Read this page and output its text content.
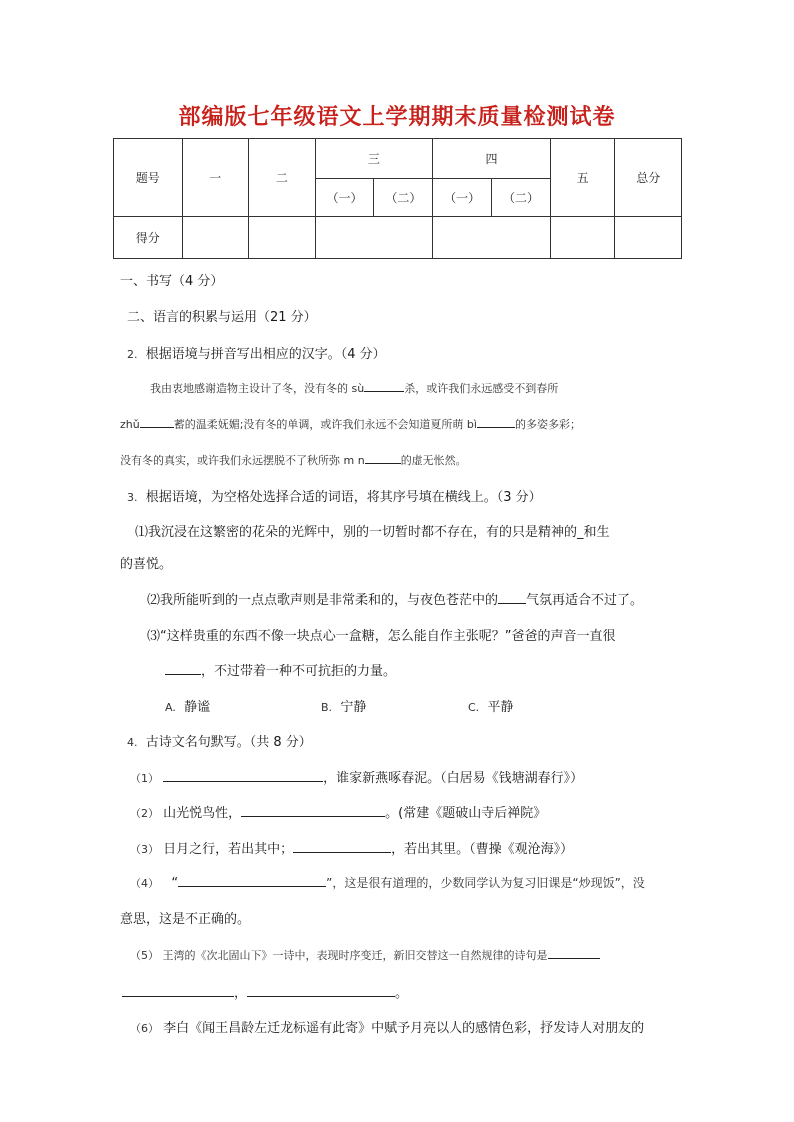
部编版七年级语文上学期期末质量检测试卷
题号	一	二	三		四		五	总分
			（一）	（二）	（一）	（二）		
得分								
一、书写（4 分）
二、语言的积累与运用（21 分）
2. 根据语境与拼音写出相应的汉字。（4 分）
我由衷地感谢造物主设计了冬，没有冬的 sù	杀，或许我们永远感受不到春所
zhǔ	蓄的温柔妩媚;没有冬的单调，或许我们永远不会知道夏所萌 bì	的多姿多彩；
没有冬的真实，或许我们永远摆脱不了秋所弥 m n	的虚无怅然。
3. 根据语境，为空格处选择合适的词语，将其序号填在横线上。（3 分）
⑴我沉浸在这繁密的花朵的光辉中，别的一切暂时都不存在，有的只是精神的_和生
的喜悦。
⑵我所能听到的一点点歌声则是非常柔和的，与夜色苍茫中的 气氛再适合不过了。
⑶“这样贵重的东西不像一块点心一盒糖，怎么能自作主张呢？”爸爸的声音一直很
，不过带着一种不可抗拒的力量。
A. 静谧	B. 宁静	C. 平静
4. 古诗文名句默写。（共 8 分）
（1）	，谁家新燕啄春泥。（白居易《钱塘湖春行》）
（2） 山光悦鸟性，	。(常建《题破山寺后禅院》
（3） 日月之行，若出其中；	，若出其里。（曹操《观沧海》）
（4） “	”，这是很有道理的，少数同学认为复习旧课是“炒现饭”，没
意思，这是不正确的。
（5） 王湾的《次北固山下》一诗中，表现时序变迁，新旧交替这一自然规律的诗句是
，	。
（6） 李白《闻王昌龄左迁龙标遥有此寄》中赋予月亮以人的感情色彩，抒发诗人对朋友的
